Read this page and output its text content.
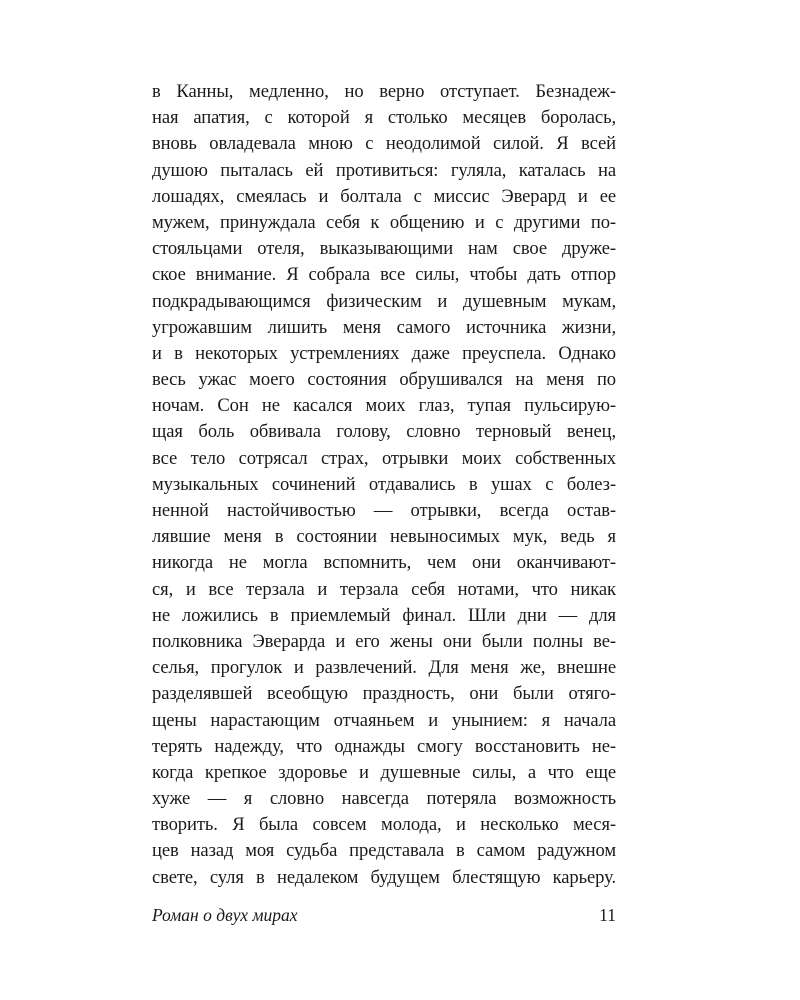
в Канны, медленно, но верно отступает. Безнадеж-
ная апатия, с которой я столько месяцев боролась,
вновь овладевала мною с неодолимой силой. Я всей
душою пыталась ей противиться: гуляла, каталась на
лошадях, смеялась и болтала с миссис Эверард и ее
мужем, принуждала себя к общению и с другими по-
стояльцами отеля, выказывающими нам свое друже-
ское внимание. Я собрала все силы, чтобы дать отпор
подкрадывающимся физическим и душевным мукам,
угрожавшим лишить меня самого источника жизни,
и в некоторых устремлениях даже преуспела. Однако
весь ужас моего состояния обрушивался на меня по
ночам. Сон не касался моих глаз, тупая пульсирую-
щая боль обвивала голову, словно терновый венец,
все тело сотрясал страх, отрывки моих собственных
музыкальных сочинений отдавались в ушах с болез-
ненной настойчивостью — отрывки, всегда остав-
лявшие меня в состоянии невыносимых мук, ведь я
никогда не могла вспомнить, чем они оканчивают-
ся, и все терзала и терзала себя нотами, что никак
не ложились в приемлемый финал. Шли дни — для
полковника Эверарда и его жены они были полны ве-
селья, прогулок и развлечений. Для меня же, внешне
разделявшей всеобщую праздность, они были отяго-
щены нарастающим отчаяньем и унынием: я начала
терять надежду, что однажды смогу восстановить не-
когда крепкое здоровье и душевные силы, а что еще
хуже — я словно навсегда потеряла возможность
творить. Я была совсем молода, и несколько меся-
цев назад моя судьба представала в самом радужном
свете, суля в недалеком будущем блестящую карьеру.
Роман о двух мирах	11
